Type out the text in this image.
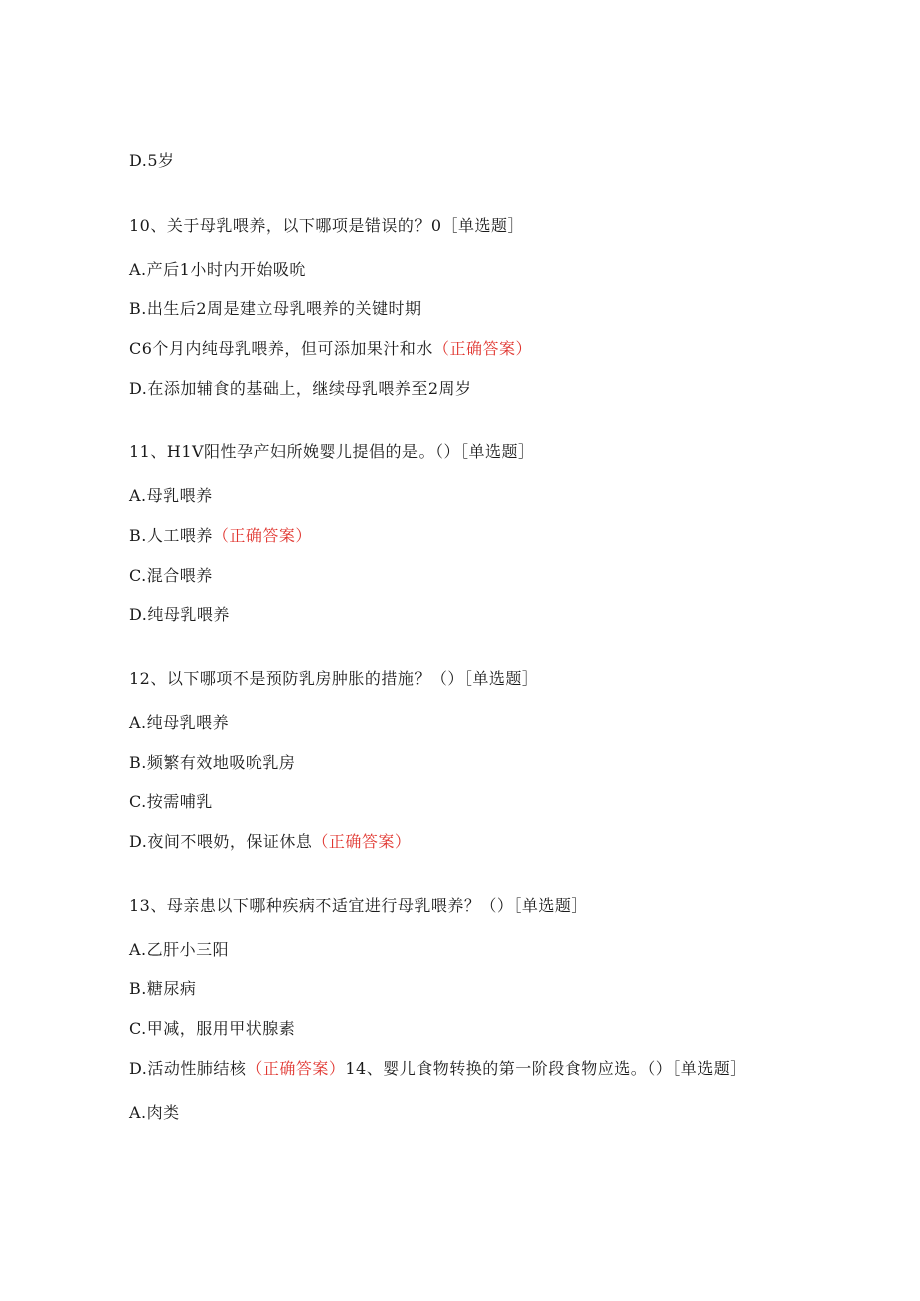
D.5岁
10、关于母乳喂养，以下哪项是错误的？0［单选题］
A.产后1小时内开始吸吮
B.出生后2周是建立母乳喂养的关键时期
C6个月内纯母乳喂养，但可添加果汁和水（正确答案）
D.在添加辅食的基础上，继续母乳喂养至2周岁
11、H1V阳性孕产妇所娩婴儿提倡的是。（）［单选题］
A.母乳喂养
B.人工喂养（正确答案）
C.混合喂养
D.纯母乳喂养
12、以下哪项不是预防乳房肿胀的措施？（）［单选题］
A.纯母乳喂养
B.频繁有效地吸吮乳房
C.按需哺乳
D.夜间不喂奶，保证休息（正确答案）
13、母亲患以下哪种疾病不适宜进行母乳喂养？（）［单选题］
A.乙肝小三阳
B.糖尿病
C.甲减，服用甲状腺素
D.活动性肺结核（正确答案）14、婴儿食物转换的第一阶段食物应选。（）［单选题］
A.肉类
